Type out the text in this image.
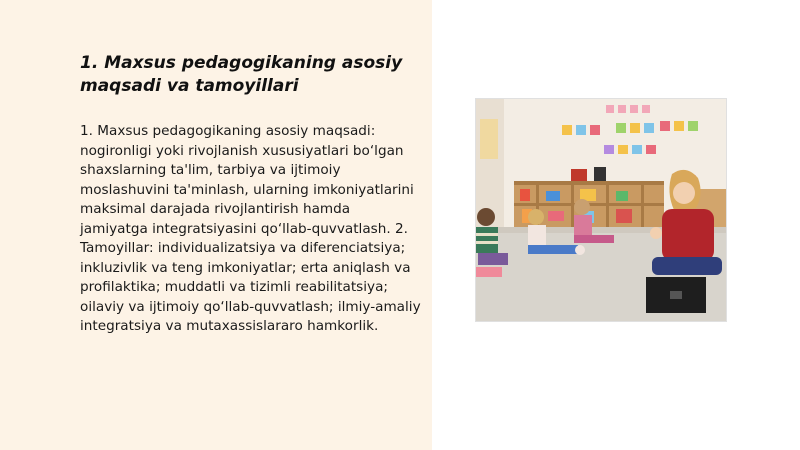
1. Maxsus pedagogikaning asosiy maqsadi va tamoyillari

1. Maxsus pedagogikaning asosiy maqsadi: nogironligi yoki rivojlanish xususiyatlari bo‘lgan shaxslarning ta'lim, tarbiya va ijtimoiy moslashuvini ta'minlash, ularning imkoniyatlarini maksimal darajada rivojlantirish hamda jamiyatga integratsiyasini qo‘llab-quvvatlash. 2. Tamoyillar: individualizatsiya va diferenciatsiya; inkluzivlik va teng imkoniyatlar; erta aniqlash va profilaktika; muddatli va tizimli reabilitatsiya; oilaviy va ijtimoiy qo‘llab-quvvatlash; ilmiy-amaliy integratsiya va mutaxassislararo hamkorlik.
